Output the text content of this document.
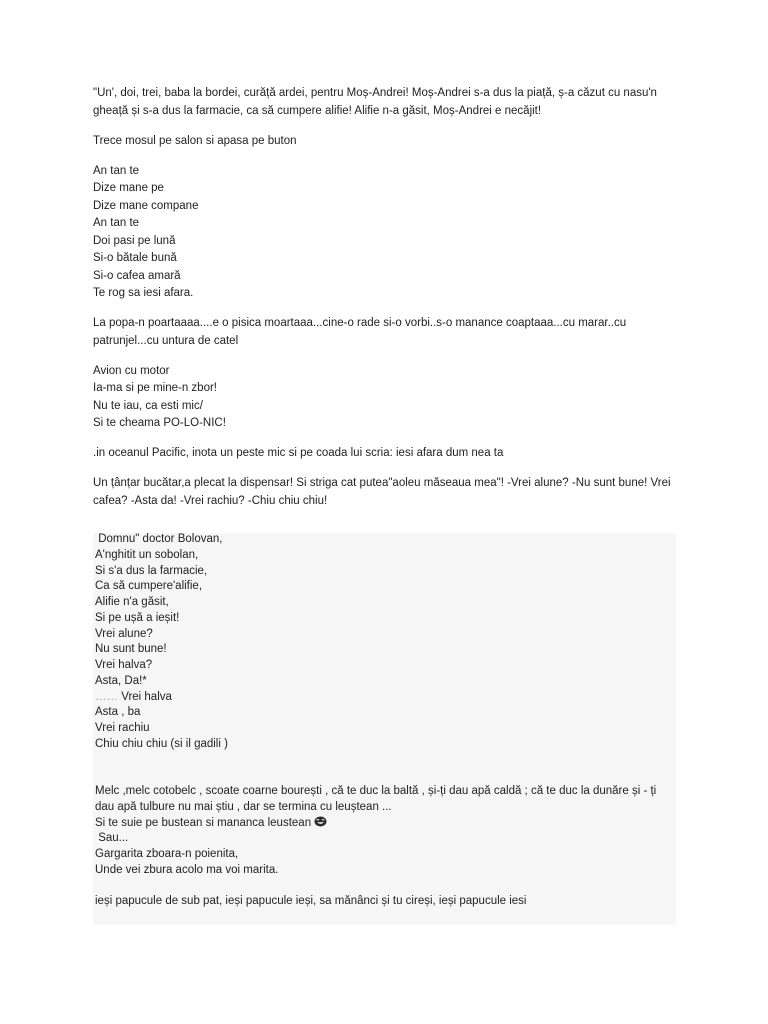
"Un', doi, trei, baba la bordei, curăță ardei, pentru Moș-Andrei! Moș-Andrei s-a dus la piață, ș-a căzut cu nasu'n
gheață și s-a dus la farmacie, ca să cumpere alifie! Alifie n-a găsit, Moș-Andrei e necăjit!

Trece mosul pe salon si apasa pe buton

An tan te
Dize mane pe
Dize mane compane
An tan te
Doi pasi pe lună
Si-o bătale bună
Si-o cafea amară
Te rog sa iesi afara.

La popa-n poartaaaa....e o pisica moartaaa...cine-o rade si-o vorbi..s-o manance coaptaaa...cu marar..cu
patrunjel...cu untura de catel

Avion cu motor
Ia-ma si pe mine-n zbor!
Nu te iau, ca esti mic/
Si te cheama PO-LO-NIC!

.in oceanul Pacific, inota un peste mic si pe coada lui scria: iesi afara dum nea ta

Un țânțar bucătar,a plecat la dispensar! Si striga cat putea"aoleu măseaua mea"! -Vrei alune? -Nu sunt bune! Vrei
cafea? -Asta da! -Vrei rachiu? -Chiu chiu chiu!

Domnu" doctor Bolovan,
A'nghitit un sobolan,
Si s'a dus la farmacie,
Ca să cumpere'alifie,
Alifie n'a găsit,
Si pe ușă a ieșit!
Vrei alune?
Nu sunt bune!
Vrei halva?
Asta, Da!*
…… Vrei halva
Asta , ba
Vrei rachiu
Chiu chiu chiu (si il gadili )

Melc ,melc cotobelc , scoate coarne bourești , că te duc la baltă , și-ți dau apă caldă ; că te duc la dunăre și - ți
dau apă tulbure nu mai știu , dar se termina cu leuștean ...
Si te suie pe bustean si mananca leustean
Sau...
Gargarita zboara-n poienita,
Unde vei zbura acolo ma voi marita.

ieși papucule de sub pat, ieși papucule ieși, sa mănânci și tu cireși, ieși papucule iesi
